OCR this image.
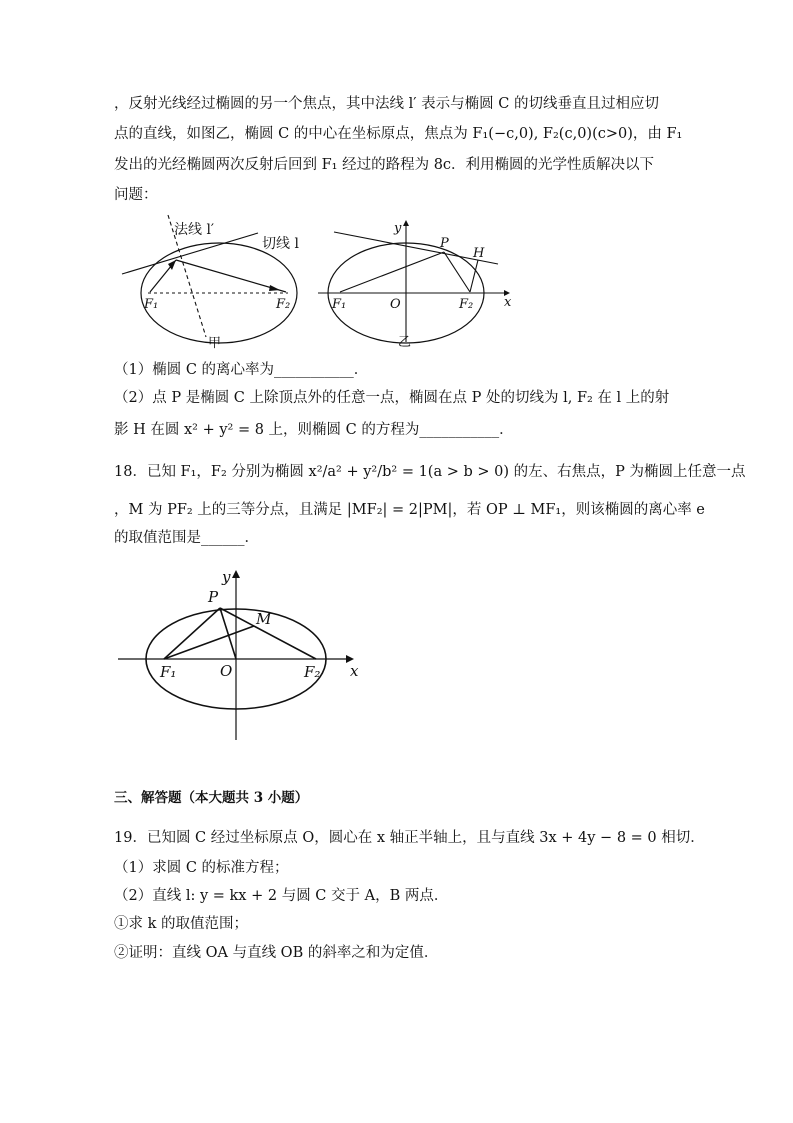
，反射光线经过椭圆的另一个焦点，其中法线 l′ 表示与椭圆 C 的切线垂直且过相应切
点的直线，如图乙，椭圆 C 的中心在坐标原点，焦点为 F₁(−c,0), F₂(c,0)(c>0)，由 F₁
发出的光经椭圆两次反射后回到 F₁ 经过的路程为 8c．利用椭圆的光学性质解决以下
问题：
法线 l′
切线 l
F₁	F₂
甲
y
P
H
F₁	O	F₂ x
乙
（1）椭圆 C 的离心率为___________．
（2）点 P 是椭圆 C 上除顶点外的任意一点，椭圆在点 P 处的切线为 l, F₂ 在 l 上的射
影 H 在圆 x² + y² = 8 上，则椭圆 C 的方程为___________．
18．已知 F₁，F₂ 分别为椭圆 x²/a² + y²/b² = 1(a > b > 0) 的左、右焦点，P 为椭圆上任意一点
，M 为 PF₂ 上的三等分点，且满足 |MF₂| = 2|PM|，若 OP ⊥ MF₁，则该椭圆的离心率 e
的取值范围是______．
y
P
M
F₁	O	F₂ x
三、解答题（本大题共 3 小题）
19．已知圆 C 经过坐标原点 O，圆心在 x 轴正半轴上，且与直线 3x + 4y − 8 = 0 相切．
（1）求圆 C 的标准方程；
（2）直线 l: y = kx + 2 与圆 C 交于 A，B 两点．
①求 k 的取值范围；
②证明：直线 OA 与直线 OB 的斜率之和为定值．
